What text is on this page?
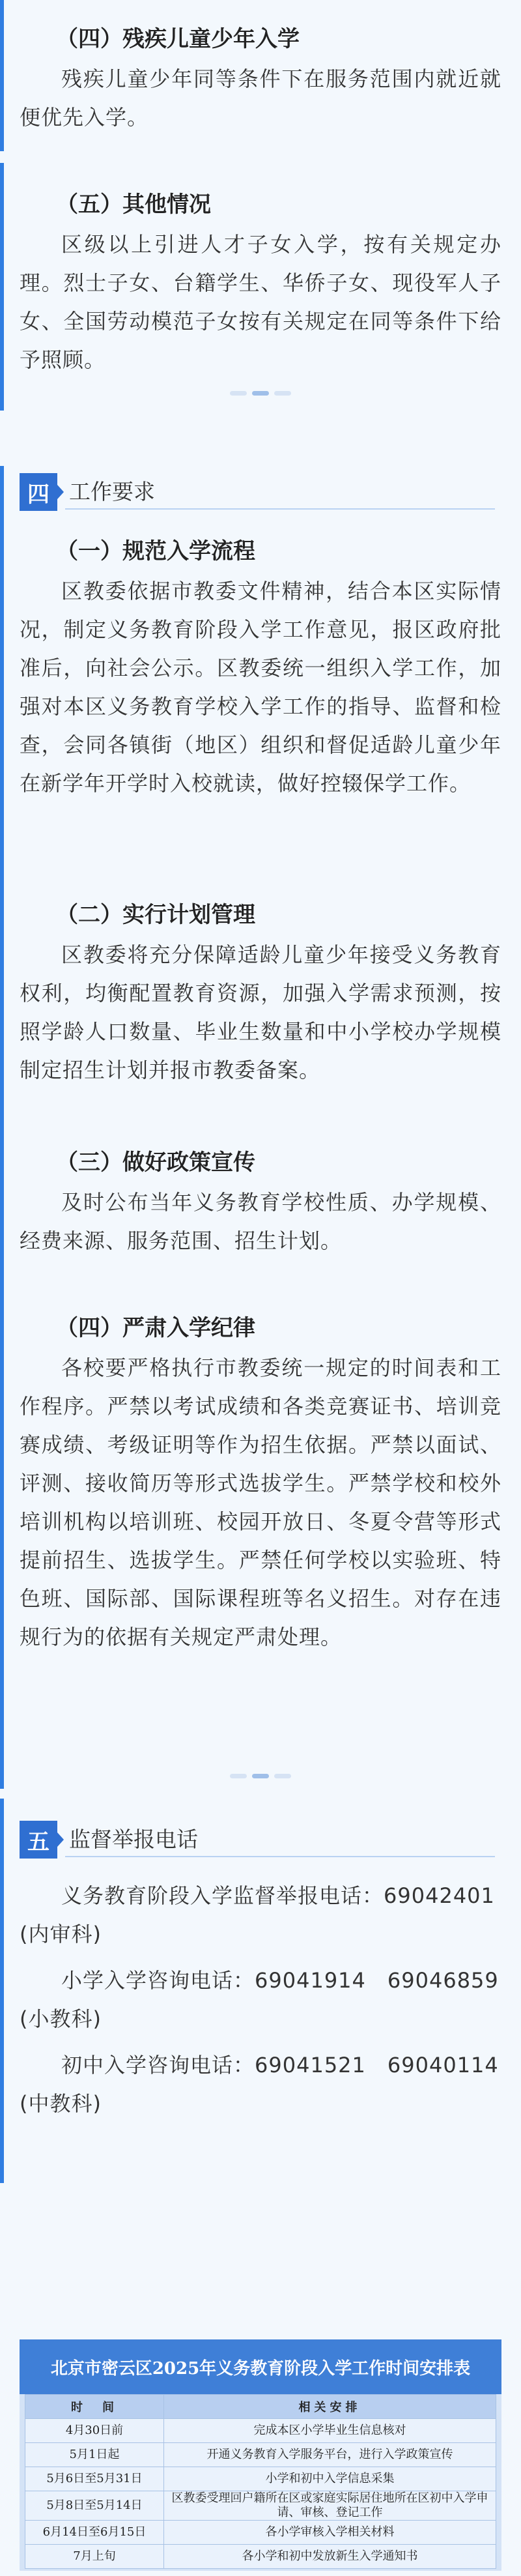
（四）残疾儿童少年入学

残疾儿童少年同等条件下在服务范围内就近就便优先入学。

（五）其他情况

区级以上引进人才子女入学，按有关规定办理。烈士子女、台籍学生、华侨子女、现役军人子女、全国劳动模范子女按有关规定在同等条件下给予照顾。

四 工作要求
（一）规范入学流程

区教委依据市教委文件精神，结合本区实际情况，制定义务教育阶段入学工作意见，报区政府批准后，向社会公示。区教委统一组织入学工作，加强对本区义务教育学校入学工作的指导、监督和检查，会同各镇街（地区）组织和督促适龄儿童少年在新学年开学时入校就读，做好控辍保学工作。

（二）实行计划管理

区教委将充分保障适龄儿童少年接受义务教育权利，均衡配置教育资源，加强入学需求预测，按照学龄人口数量、毕业生数量和中小学校办学规模制定招生计划并报市教委备案。

（三）做好政策宣传

及时公布当年义务教育学校性质、办学规模、经费来源、服务范围、招生计划。

（四）严肃入学纪律

各校要严格执行市教委统一规定的时间表和工作程序。严禁以考试成绩和各类竞赛证书、培训竞赛成绩、考级证明等作为招生依据。严禁以面试、评测、接收简历等形式选拔学生。严禁学校和校外培训机构以培训班、校园开放日、冬夏令营等形式提前招生、选拔学生。严禁任何学校以实验班、特色班、国际部、国际课程班等名义招生。对存在违规行为的依据有关规定严肃处理。

五 监督举报电话
义务教育阶段入学监督举报电话：69042401
(内审科)
小学入学咨询电话：69041914　69046859
(小教科)
初中入学咨询电话：69041521　69040114
(中教科)
北京市密云区2025年义务教育阶段入学工作时间安排表
时　间	相关安排
4月30日前	完成本区小学毕业生信息核对
5月1日起	开通义务教育入学服务平台，进行入学政策宣传
5月6日至5月31日	小学和初中入学信息采集
5月8日至5月14日	区教委受理回户籍所在区或家庭实际居住地所在区初中入学申请、审核、登记工作
6月14日至6月15日	各小学审核入学相关材料
7月上旬	各小学和初中发放新生入学通知书
